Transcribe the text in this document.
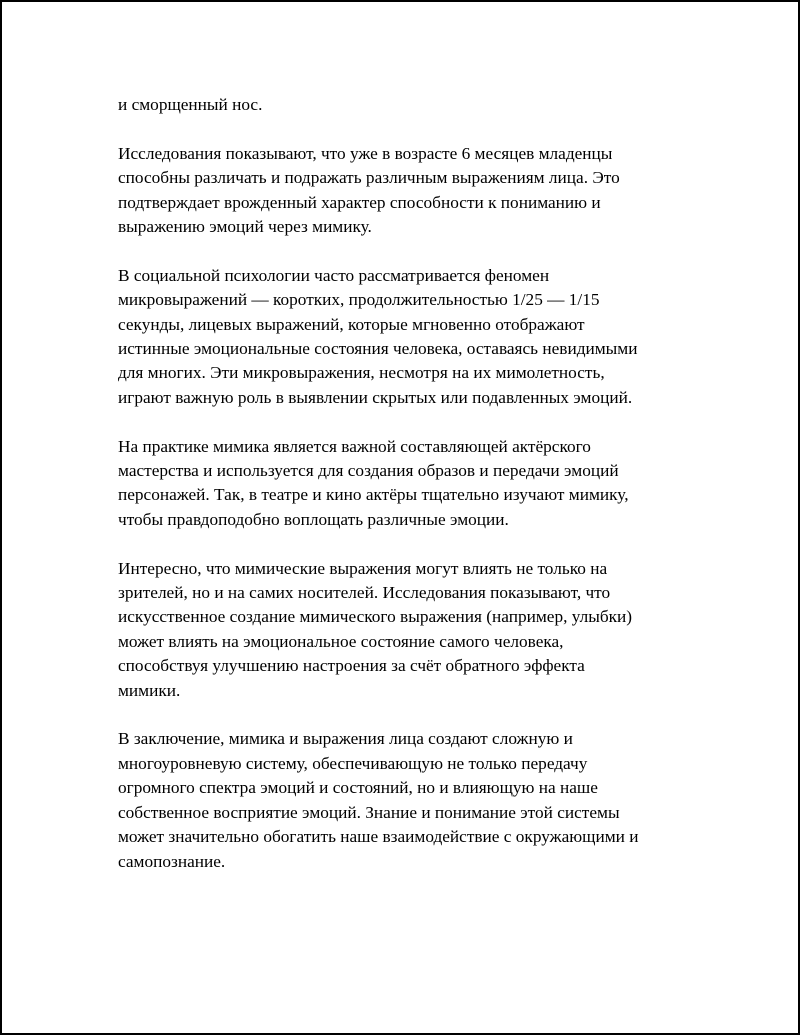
и сморщенный нос.

Исследования показывают, что уже в возрасте 6 месяцев младенцы
способны различать и подражать различным выражениям лица. Это
подтверждает врожденный характер способности к пониманию и
выражению эмоций через мимику.

В социальной психологии часто рассматривается феномен
микровыражений — коротких, продолжительностью 1/25 — 1/15
секунды, лицевых выражений, которые мгновенно отображают
истинные эмоциональные состояния человека, оставаясь невидимыми
для многих. Эти микровыражения, несмотря на их мимолетность,
играют важную роль в выявлении скрытых или подавленных эмоций.

На практике мимика является важной составляющей актёрского
мастерства и используется для создания образов и передачи эмоций
персонажей. Так, в театре и кино актёры тщательно изучают мимику,
чтобы правдоподобно воплощать различные эмоции.

Интересно, что мимические выражения могут влиять не только на
зрителей, но и на самих носителей. Исследования показывают, что
искусственное создание мимического выражения (например, улыбки)
может влиять на эмоциональное состояние самого человека,
способствуя улучшению настроения за счёт обратного эффекта
мимики.

В заключение, мимика и выражения лица создают сложную и
многоуровневую систему, обеспечивающую не только передачу
огромного спектра эмоций и состояний, но и влияющую на наше
собственное восприятие эмоций. Знание и понимание этой системы
может значительно обогатить наше взаимодействие с окружающими и
самопознание.
